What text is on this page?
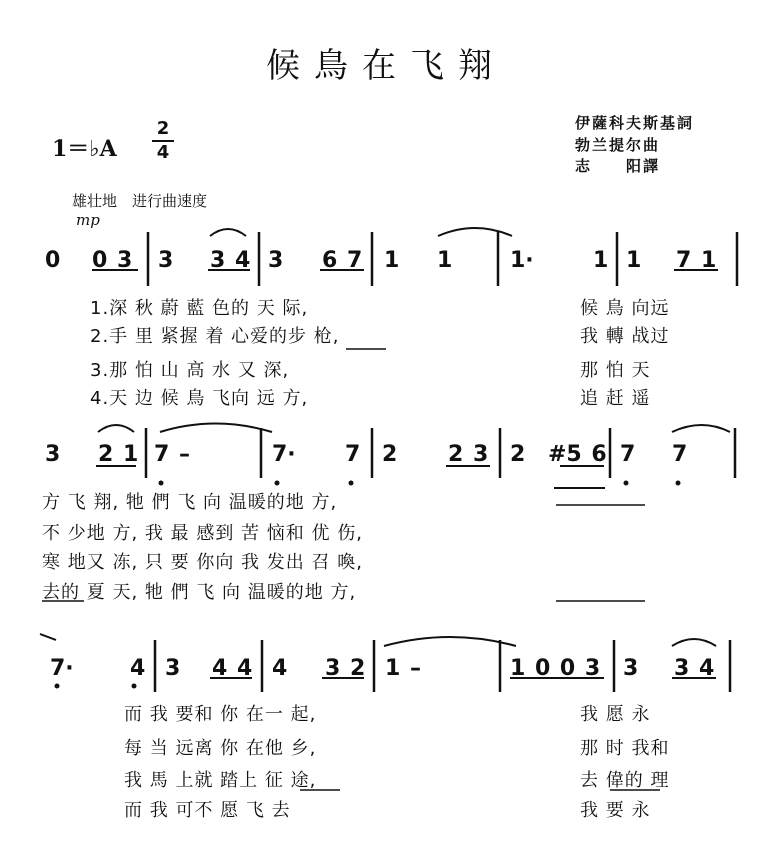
候鳥在飞翔
伊薩科夫斯基詞
勃兰提尔曲
志　　阳譯
1＝♭A
2
4
雄壮地　进行曲速度
mp
0 0 3 3 3 4 3 6 7 1 1	1·	1 1 7 1
1.深 秋 蔚 藍 色的 天 际,	候 鳥 向远
2.手 里 紧握 着 心爱的步 枪,	我 轉 战过
3.那 怕 山 高 水 又 深,	那 怕 天
4.天 边 候 鳥 飞向 远 方,	追 赶 遥
3 2 1 7 –	7· 7 2 2 3 2 #5 6 7 7
方 飞 翔, 牠 們 飞 向 温暖的地 方,
不 少地 方, 我 最 感到 苦 恼和 优 伤,
寒 地又 冻, 只 要 你向 我 发出 召 喚,
去的 夏 天, 牠 們 飞 向 温暖的地 方,
7·	4 3 4 4 4 3 2 1 –	1 0 0 3 3 3 4
而 我 要和 你 在一 起,	我 愿 永
每 当 远离 你 在他 乡,	那 时 我和
我 馬 上就 踏上 征 途,	去 偉的 理
而 我 可不 愿 飞 去	我 要 永
